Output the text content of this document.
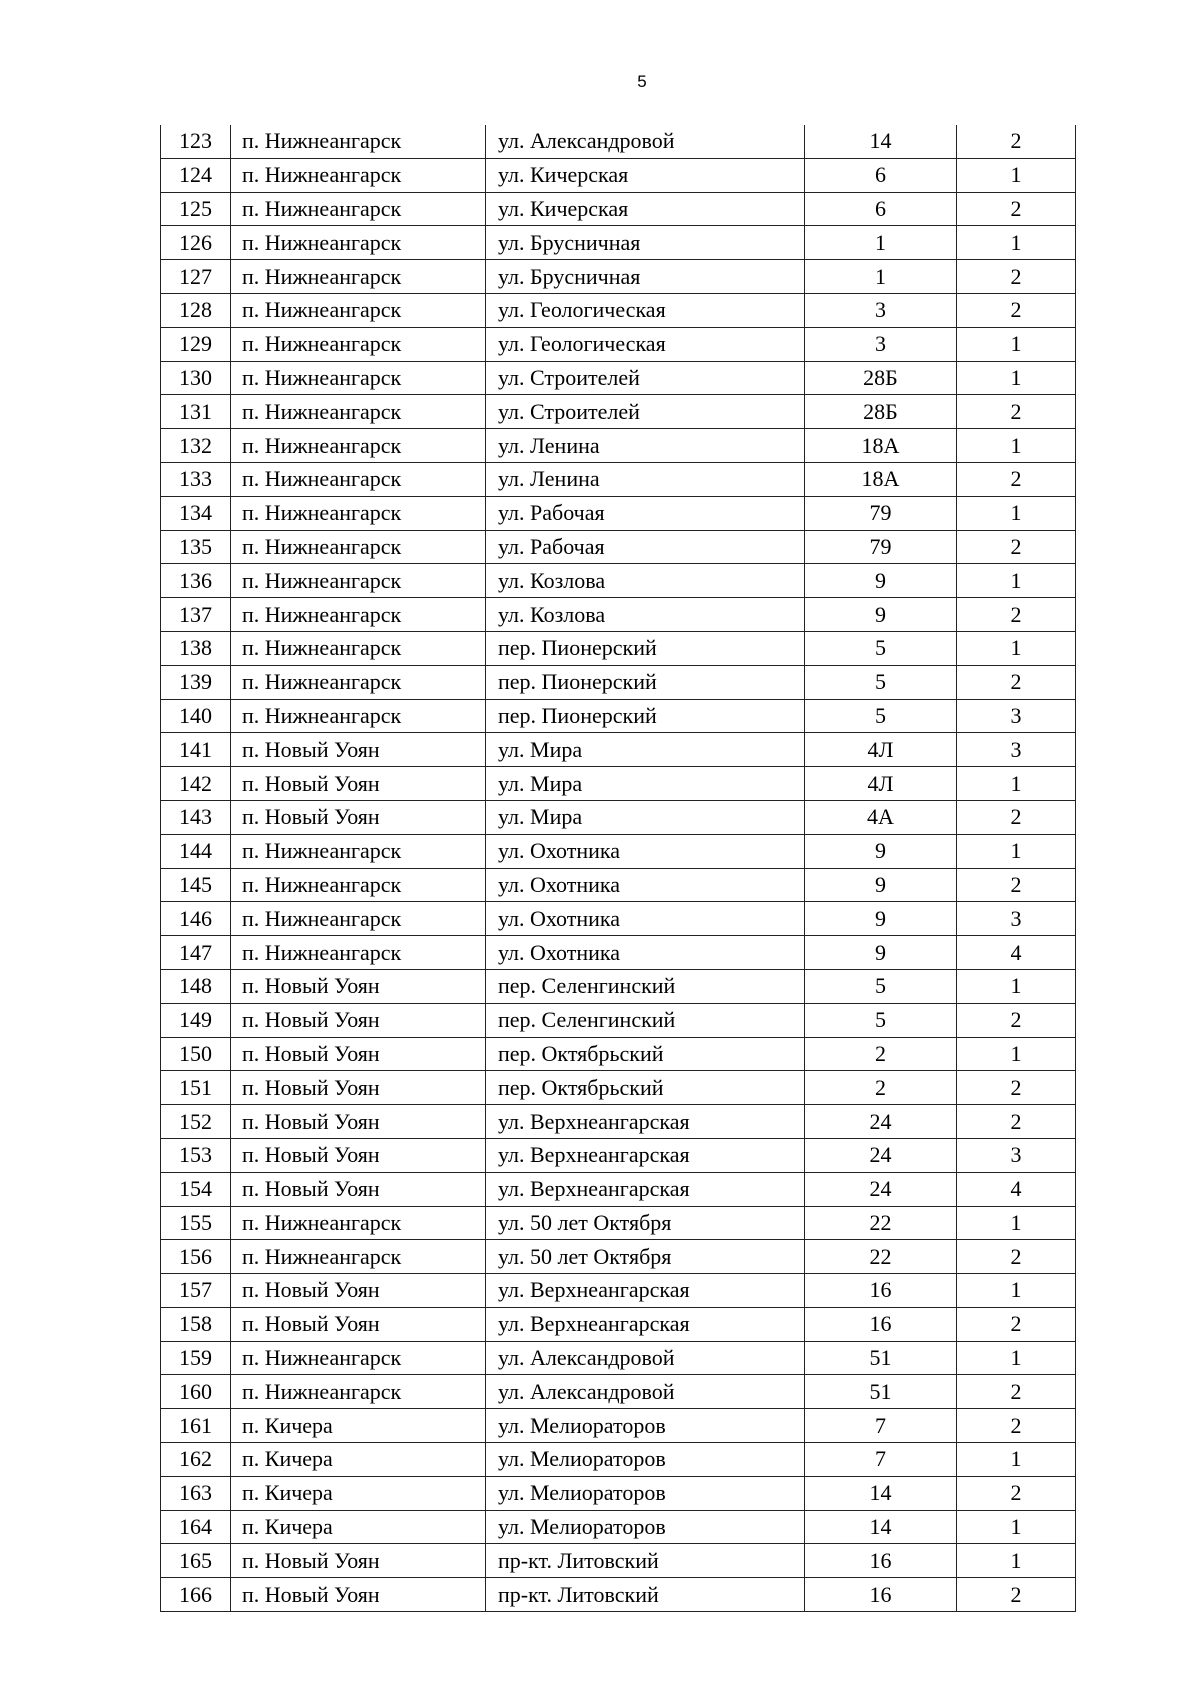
5
123	п. Нижнеангарск	ул. Александровой	14	2
124	п. Нижнеангарск	ул. Кичерская	6	1
125	п. Нижнеангарск	ул. Кичерская	6	2
126	п. Нижнеангарск	ул. Брусничная	1	1
127	п. Нижнеангарск	ул. Брусничная	1	2
128	п. Нижнеангарск	ул. Геологическая	3	2
129	п. Нижнеангарск	ул. Геологическая	3	1
130	п. Нижнеангарск	ул. Строителей	28Б	1
131	п. Нижнеангарск	ул. Строителей	28Б	2
132	п. Нижнеангарск	ул. Ленина	18А	1
133	п. Нижнеангарск	ул. Ленина	18А	2
134	п. Нижнеангарск	ул. Рабочая	79	1
135	п. Нижнеангарск	ул. Рабочая	79	2
136	п. Нижнеангарск	ул. Козлова	9	1
137	п. Нижнеангарск	ул. Козлова	9	2
138	п. Нижнеангарск	пер. Пионерский	5	1
139	п. Нижнеангарск	пер. Пионерский	5	2
140	п. Нижнеангарск	пер. Пионерский	5	3
141	п. Новый Уоян	ул. Мира	4Л	3
142	п. Новый Уоян	ул. Мира	4Л	1
143	п. Новый Уоян	ул. Мира	4А	2
144	п. Нижнеангарск	ул. Охотника	9	1
145	п. Нижнеангарск	ул. Охотника	9	2
146	п. Нижнеангарск	ул. Охотника	9	3
147	п. Нижнеангарск	ул. Охотника	9	4
148	п. Новый Уоян	пер. Селенгинский	5	1
149	п. Новый Уоян	пер. Селенгинский	5	2
150	п. Новый Уоян	пер. Октябрьский	2	1
151	п. Новый Уоян	пер. Октябрьский	2	2
152	п. Новый Уоян	ул. Верхнеангарская	24	2
153	п. Новый Уоян	ул. Верхнеангарская	24	3
154	п. Новый Уоян	ул. Верхнеангарская	24	4
155	п. Нижнеангарск	ул. 50 лет Октября	22	1
156	п. Нижнеангарск	ул. 50 лет Октября	22	2
157	п. Новый Уоян	ул. Верхнеангарская	16	1
158	п. Новый Уоян	ул. Верхнеангарская	16	2
159	п. Нижнеангарск	ул. Александровой	51	1
160	п. Нижнеангарск	ул. Александровой	51	2
161	п. Кичера	ул. Мелиораторов	7	2
162	п. Кичера	ул. Мелиораторов	7	1
163	п. Кичера	ул. Мелиораторов	14	2
164	п. Кичера	ул. Мелиораторов	14	1
165	п. Новый Уоян	пр-кт. Литовский	16	1
166	п. Новый Уоян	пр-кт. Литовский	16	2
